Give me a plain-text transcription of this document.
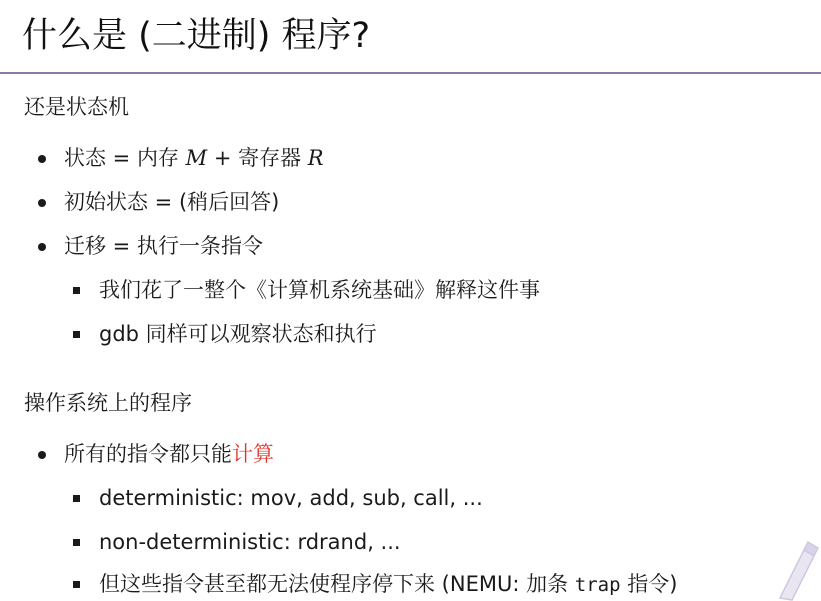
什么是 (二进制) 程序?
还是状态机
状态 = 内存 M + 寄存器 R
初始状态 = (稍后回答)
迁移 = 执行一条指令
我们花了一整个《计算机系统基础》解释这件事
gdb 同样可以观察状态和执行
操作系统上的程序
所有的指令都只能计算
deterministic: mov, add, sub, call, ...
non-deterministic: rdrand, ...
但这些指令甚至都无法使程序停下来 (NEMU: 加条 trap 指令)
